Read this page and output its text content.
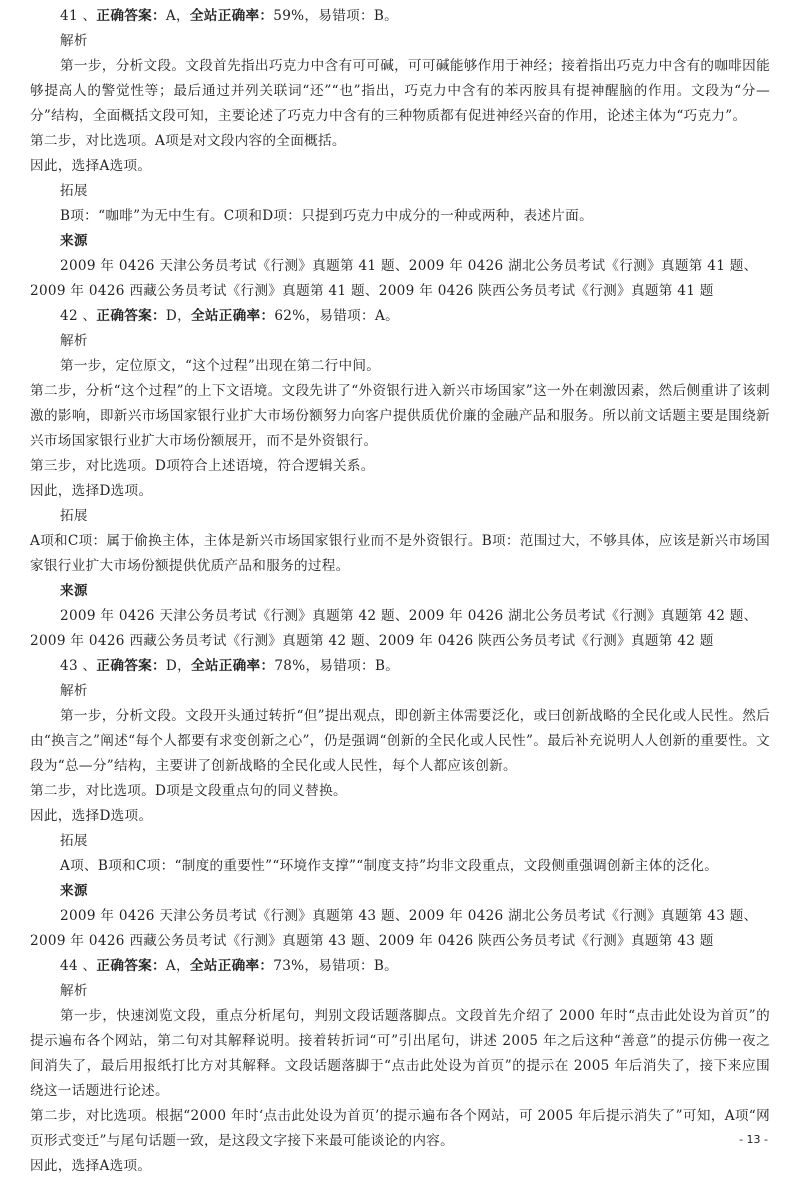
41 、正确答案：A，全站正确率：59%，易错项：B。
解析
第一步，分析文段。文段首先指出巧克力中含有可可碱，可可碱能够作用于神经；接着指出巧克力中含有的咖啡因能够提高人的警觉性等；最后通过并列关联词“还”“也”指出，巧克力中含有的苯丙胺具有提神醒脑的作用。文段为“分—分”结构，全面概括文段可知，主要论述了巧克力中含有的三种物质都有促进神经兴奋的作用，论述主体为“巧克力”。
第二步，对比选项。A项是对文段内容的全面概括。
因此，选择A选项。
拓展
B项：“咖啡”为无中生有。C项和D项：只提到巧克力中成分的一种或两种，表述片面。
来源
2009 年 0426 天津公务员考试《行测》真题第 41 题、2009 年 0426 湖北公务员考试《行测》真题第 41 题、
2009 年 0426 西藏公务员考试《行测》真题第 41 题、2009 年 0426 陕西公务员考试《行测》真题第 41 题
42 、正确答案：D，全站正确率：62%，易错项：A。
解析
第一步，定位原文，“这个过程”出现在第二行中间。
第二步，分析“这个过程”的上下文语境。文段先讲了“外资银行进入新兴市场国家”这一外在刺激因素，然后侧重讲了该刺激的影响，即新兴市场国家银行业扩大市场份额努力向客户提供质优价廉的金融产品和服务。所以前文话题主要是围绕新兴市场国家银行业扩大市场份额展开，而不是外资银行。
第三步，对比选项。D项符合上述语境，符合逻辑关系。
因此，选择D选项。
拓展
A项和C项：属于偷换主体，主体是新兴市场国家银行业而不是外资银行。B项：范围过大，不够具体，应该是新兴市场国家银行业扩大市场份额提供优质产品和服务的过程。
来源
2009 年 0426 天津公务员考试《行测》真题第 42 题、2009 年 0426 湖北公务员考试《行测》真题第 42 题、
2009 年 0426 西藏公务员考试《行测》真题第 42 题、2009 年 0426 陕西公务员考试《行测》真题第 42 题
43 、正确答案：D，全站正确率：78%，易错项：B。
解析
第一步，分析文段。文段开头通过转折“但”提出观点，即创新主体需要泛化，或曰创新战略的全民化或人民性。然后由“换言之”阐述“每个人都要有求变创新之心”，仍是强调“创新的全民化或人民性”。最后补充说明人人创新的重要性。文段为“总—分”结构，主要讲了创新战略的全民化或人民性，每个人都应该创新。
第二步，对比选项。D项是文段重点句的同义替换。
因此，选择D选项。
拓展
A项、B项和C项：“制度的重要性”“环境作支撑”“制度支持”均非文段重点，文段侧重强调创新主体的泛化。
来源
2009 年 0426 天津公务员考试《行测》真题第 43 题、2009 年 0426 湖北公务员考试《行测》真题第 43 题、
2009 年 0426 西藏公务员考试《行测》真题第 43 题、2009 年 0426 陕西公务员考试《行测》真题第 43 题
44 、正确答案：A，全站正确率：73%，易错项：B。
解析
第一步，快速浏览文段，重点分析尾句，判别文段话题落脚点。文段首先介绍了 2000 年时“点击此处设为首页”的提示遍布各个网站，第二句对其解释说明。接着转折词“可”引出尾句，讲述 2005 年之后这种“善意”的提示仿佛一夜之间消失了，最后用报纸打比方对其解释。文段话题落脚于“点击此处设为首页”的提示在 2005 年后消失了，接下来应围绕这一话题进行论述。
第二步，对比选项。根据“2000 年时‘点击此处设为首页’的提示遍布各个网站，可 2005 年后提示消失了”可知，A项“网页形式变迁”与尾句话题一致，是这段文字接下来最可能谈论的内容。
因此，选择A选项。
- 13 -
